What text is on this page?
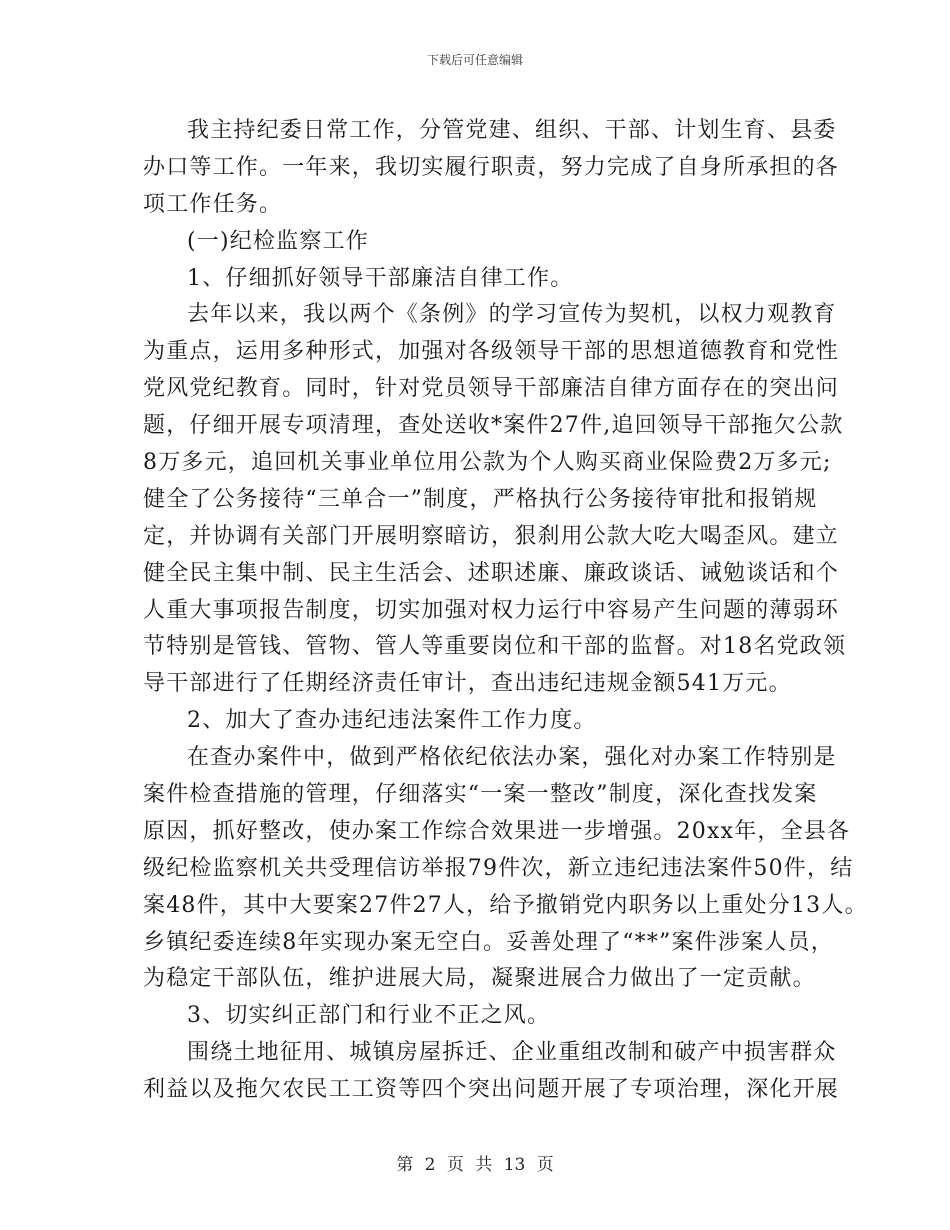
下载后可任意编辑
我主持纪委日常工作，分管党建、组织、干部、计划生育、县委
办口等工作。一年来，我切实履行职责，努力完成了自身所承担的各
项工作任务。
(一)纪检监察工作
1、仔细抓好领导干部廉洁自律工作。
去年以来，我以两个《条例》的学习宣传为契机，以权力观教育
为重点，运用多种形式，加强对各级领导干部的思想道德教育和党性
党风党纪教育。同时，针对党员领导干部廉洁自律方面存在的突出问
题，仔细开展专项清理，查处送收*案件27件,追回领导干部拖欠公款
8万多元，追回机关事业单位用公款为个人购买商业保险费2万多元;
健全了公务接待“三单合一”制度，严格执行公务接待审批和报销规
定，并协调有关部门开展明察暗访，狠刹用公款大吃大喝歪风。建立
健全民主集中制、民主生活会、述职述廉、廉政谈话、诫勉谈话和个
人重大事项报告制度，切实加强对权力运行中容易产生问题的薄弱环
节特别是管钱、管物、管人等重要岗位和干部的监督。对18名党政领
导干部进行了任期经济责任审计，查出违纪违规金额541万元。
2、加大了查办违纪违法案件工作力度。
在查办案件中，做到严格依纪依法办案，强化对办案工作特别是
案件检查措施的管理，仔细落实“一案一整改”制度，深化查找发案
原因，抓好整改，使办案工作综合效果进一步增强。20xx年，全县各
级纪检监察机关共受理信访举报79件次，新立违纪违法案件50件，结
案48件，其中大要案27件27人，给予撤销党内职务以上重处分13人。
乡镇纪委连续8年实现办案无空白。妥善处理了“**”案件涉案人员，
为稳定干部队伍，维护进展大局，凝聚进展合力做出了一定贡献。
3、切实纠正部门和行业不正之风。
围绕土地征用、城镇房屋拆迁、企业重组改制和破产中损害群众
利益以及拖欠农民工工资等四个突出问题开展了专项治理，深化开展
第 2 页 共 13 页
